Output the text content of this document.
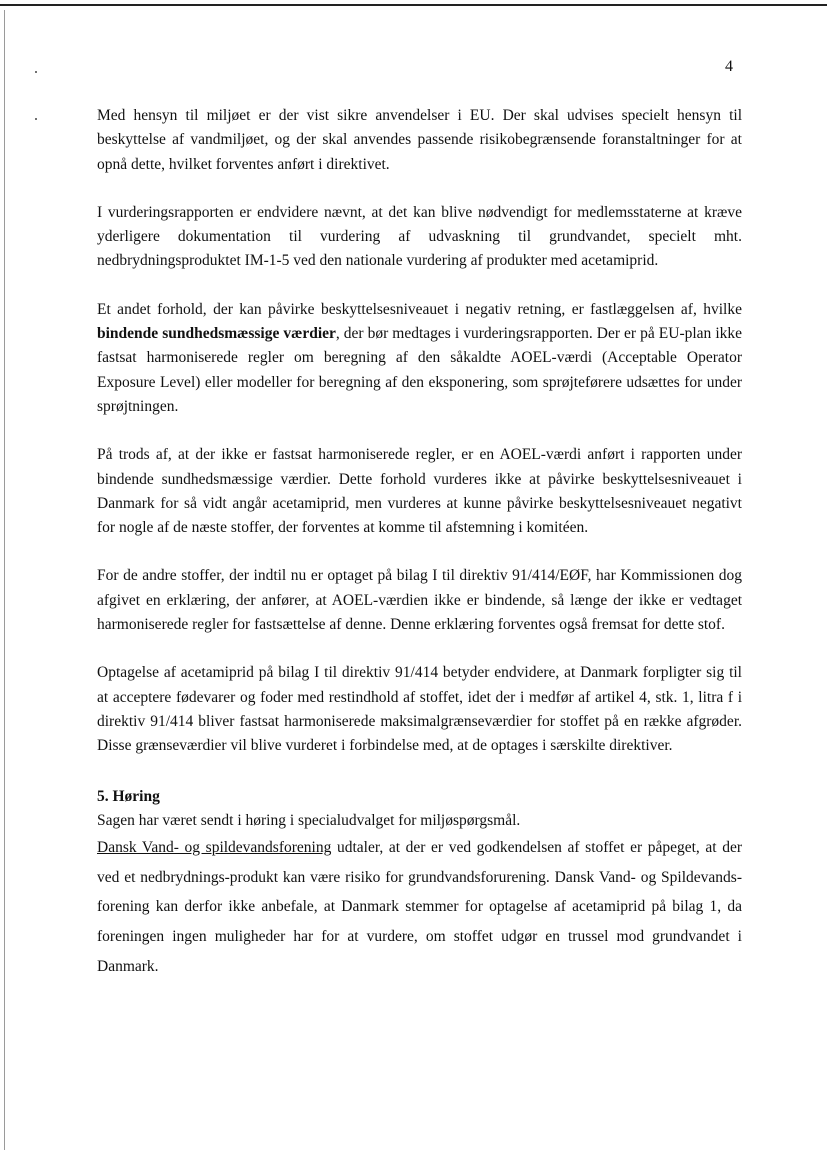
4

Med hensyn til miljøet er der vist sikre anvendelser i EU. Der skal udvises specielt hensyn til beskyttelse af vandmiljøet, og der skal anvendes passende risikobegrænsende foranstaltninger for at opnå dette, hvilket forventes anført i direktivet.

I vurderingsrapporten er endvidere nævnt, at det kan blive nødvendigt for medlemsstaterne at kræve yderligere dokumentation til vurdering af udvaskning til grundvandet, specielt mht. nedbrydningsproduktet IM-1-5 ved den nationale vurdering af produkter med acetamiprid.

Et andet forhold, der kan påvirke beskyttelsesniveauet i negativ retning, er fastlæggelsen af, hvilke bindende sundhedsmæssige værdier, der bør medtages i vurderingsrapporten. Der er på EU-plan ikke fastsat harmoniserede regler om beregning af den såkaldte AOEL-værdi (Acceptable Operator Exposure Level) eller modeller for beregning af den eksponering, som sprøjteførere udsættes for under sprøjtningen.

På trods af, at der ikke er fastsat harmoniserede regler, er en AOEL-værdi anført i rapporten under bindende sundhedsmæssige værdier. Dette forhold vurderes ikke at påvirke beskyttelsesniveauet i Danmark for så vidt angår acetamiprid, men vurderes at kunne påvirke beskyttelsesniveauet negativt for nogle af de næste stoffer, der forventes at komme til afstemning i komitéen.

For de andre stoffer, der indtil nu er optaget på bilag I til direktiv 91/414/EØF, har Kommissionen dog afgivet en erklæring, der anfører, at AOEL-værdien ikke er bindende, så længe der ikke er vedtaget harmoniserede regler for fastsættelse af denne. Denne erklæring forventes også fremsat for dette stof.

Optagelse af acetamiprid på bilag I til direktiv 91/414 betyder endvidere, at Danmark forpligter sig til at acceptere fødevarer og foder med restindhold af stoffet, idet der i medfør af artikel 4, stk. 1, litra f i direktiv 91/414 bliver fastsat harmoniserede maksimalgrænseværdier for stoffet på en række afgrøder. Disse grænseværdier vil blive vurderet i forbindelse med, at de optages i særskilte direktiver.

5. Høring

Sagen har været sendt i høring i specialudvalget for miljøspørgsmål.

Dansk Vand- og spildevandsforening udtaler, at der er ved godkendelsen af stoffet er påpeget, at der ved et nedbrydnings-produkt kan være risiko for grundvandsforurening. Dansk Vand- og Spildevands-forening kan derfor ikke anbefale, at Danmark stemmer for optagelse af acetamiprid på bilag 1, da foreningen ingen muligheder har for at vurdere, om stoffet udgør en trussel mod grundvandet i Danmark.
